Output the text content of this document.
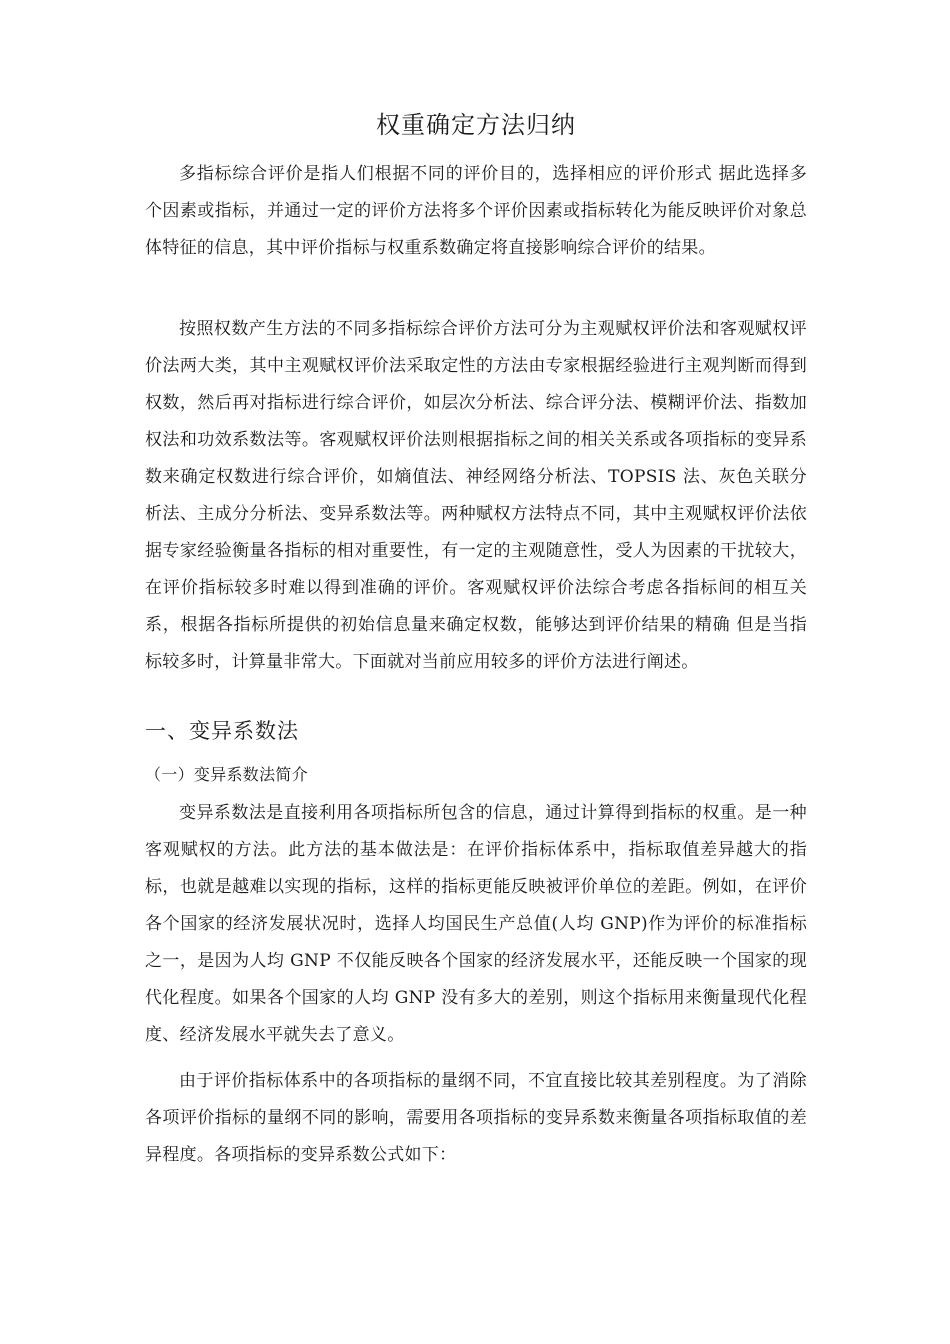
权重确定方法归纳

多指标综合评价是指人们根据不同的评价目的，选择相应的评价形式 据此选择多个因素或指标，并通过一定的评价方法将多个评价因素或指标转化为能反映评价对象总体特征的信息，其中评价指标与权重系数确定将直接影响综合评价的结果。

按照权数产生方法的不同多指标综合评价方法可分为主观赋权评价法和客观赋权评价法两大类，其中主观赋权评价法采取定性的方法由专家根据经验进行主观判断而得到权数，然后再对指标进行综合评价，如层次分析法、综合评分法、模糊评价法、指数加权法和功效系数法等。客观赋权评价法则根据指标之间的相关关系或各项指标的变异系数来确定权数进行综合评价，如熵值法、神经网络分析法、TOPSIS 法、灰色关联分析法、主成分分析法、变异系数法等。两种赋权方法特点不同，其中主观赋权评价法依据专家经验衡量各指标的相对重要性，有一定的主观随意性，受人为因素的干扰较大，在评价指标较多时难以得到准确的评价。客观赋权评价法综合考虑各指标间的相互关系，根据各指标所提供的初始信息量来确定权数，能够达到评价结果的精确 但是当指标较多时，计算量非常大。下面就对当前应用较多的评价方法进行阐述。

一、变异系数法
（一）变异系数法简介

变异系数法是直接利用各项指标所包含的信息，通过计算得到指标的权重。是一种客观赋权的方法。此方法的基本做法是：在评价指标体系中，指标取值差异越大的指标，也就是越难以实现的指标，这样的指标更能反映被评价单位的差距。例如，在评价各个国家的经济发展状况时，选择人均国民生产总值(人均 GNP)作为评价的标准指标之一，是因为人均 GNP 不仅能反映各个国家的经济发展水平，还能反映一个国家的现代化程度。如果各个国家的人均 GNP 没有多大的差别，则这个指标用来衡量现代化程度、经济发展水平就失去了意义。

由于评价指标体系中的各项指标的量纲不同，不宜直接比较其差别程度。为了消除各项评价指标的量纲不同的影响，需要用各项指标的变异系数来衡量各项指标取值的差异程度。各项指标的变异系数公式如下：
